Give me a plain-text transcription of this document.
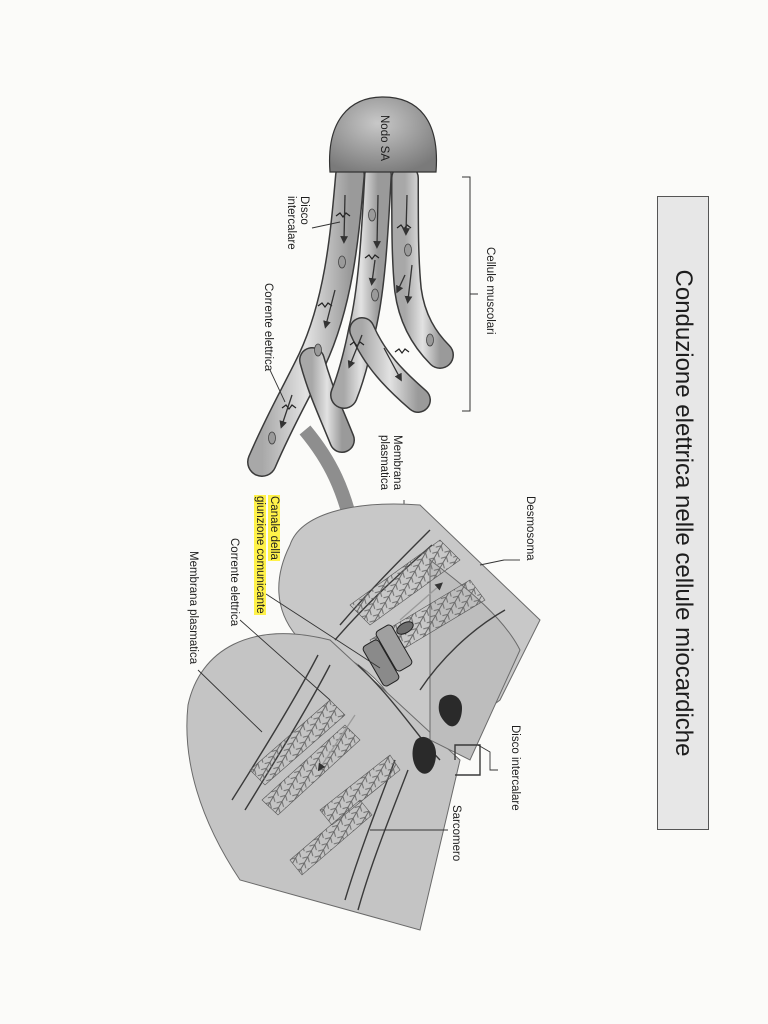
Conduzione elettrica nelle cellule miocardiche
Nodo SA
Cellule muscolari
Disco
intercalare
Corrente elettrica
Membrana
plasmatica
Desmosoma
Canale della
giunzione comunicante
Corrente elettrica
Membrana plasmatica
Disco intercalare
Sarcomero
